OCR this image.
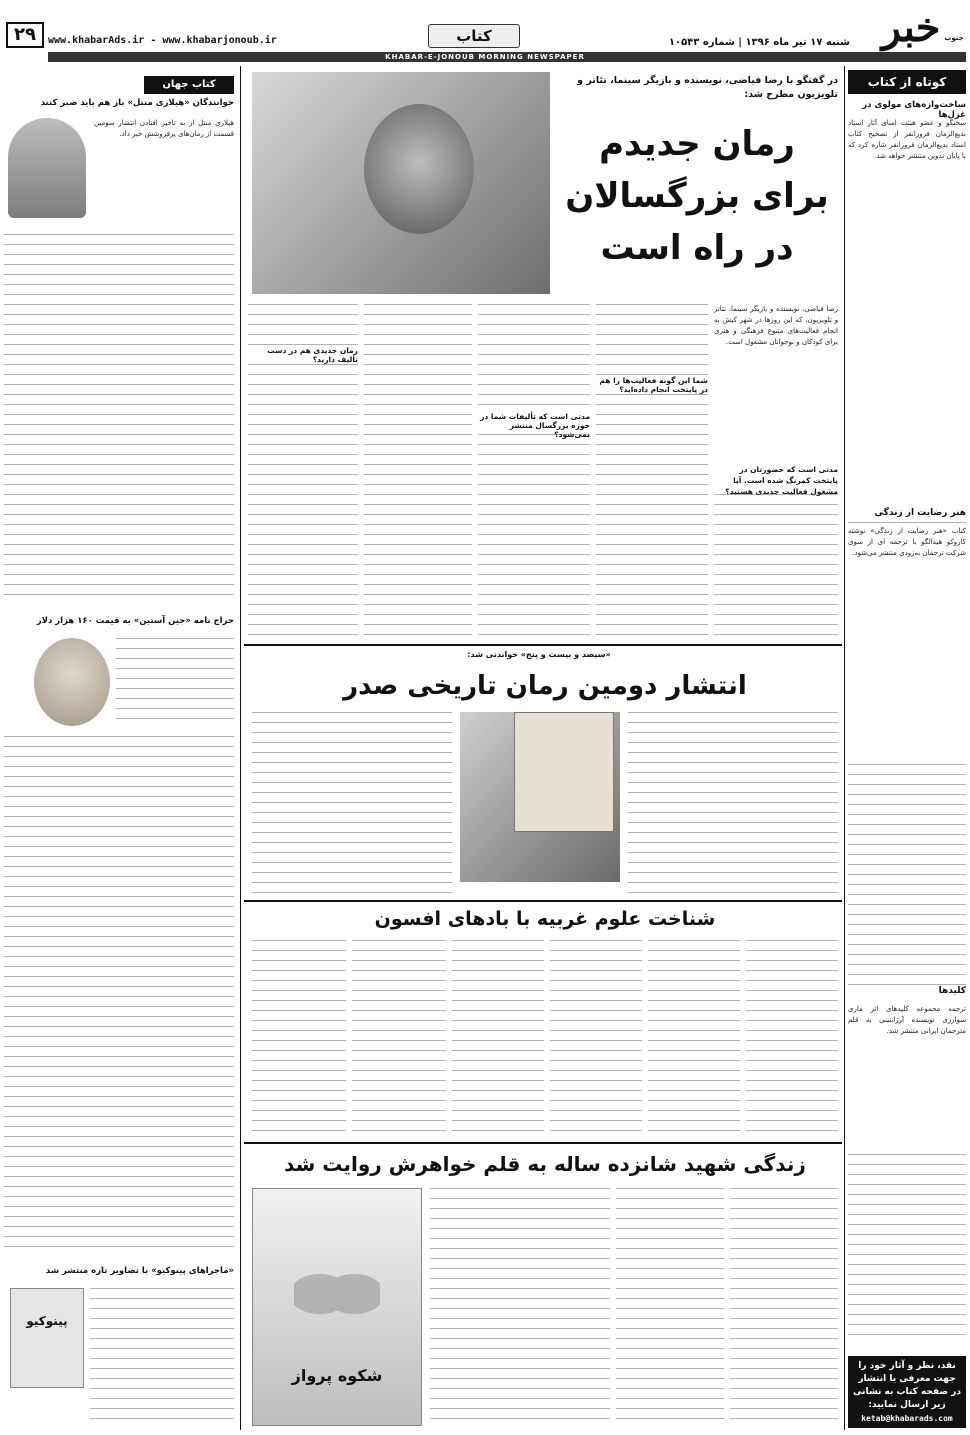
۲۹	www.khabarAds.ir - www.khabarjonoub.ir	کتاب	شنبه ۱۷ تیر ماه ۱۳۹۶ | شماره ۱۰۵۴۳ خبر جنوب
KHABAR-E-JONOUB MORNING NEWSPAPER
کوتاه از کتاب
ساخت‌وازه‌های مولوی در غزل‌ها
سخنگو و عضو هیئت امنای آثار استاد بدیع‌الزمان فروزانفر از تصحیح کتاب استاد بدیع‌الزمان فروزانفر شاره کرد که با پایان تدوین منتشر خواهد شد.
هنر رضایت از زندگی
کتاب «هنر رضایت از زندگی» نوشته کاروکو هیدالگو با ترجمه ای از سوی شرکت ترجمان به‌زودی منتشر می‌شود.
کلیدها
ترجمه مجموعه کلیدهای اثر ماری سوارزی نویسنده آرژانتینی به قلم مترجمان ایرانی منتشر شد.
نقد، نظر و آثار خود را جهت معرفی یا انتشار در صفحه کتاب به نشانی زیر ارسال نمایید:
ketab@khabarads.com
کتاب جهان
خوانندگان «هیلاری منتل» باز هم باید صبر کنند
هیلاری منتل از به تاخیر افتادن انتشار سومین قسمت از رمان‌های پرفروشش خبر داد.
حراج نامه «جین آستین» به قیمت ۱۶۰ هزار دلار
«ماجراهای پینوکیو» با تصاویر تازه منتشر شد
پینوکیو
در گفتگو با رضا فیاضی، نویسنده و بازیگر سینما، تئاتر و تلویزیون مطرح شد:
رمان جدیدم برای بزرگسالان در راه است
رضا فیاضی، نویسنده و بازیگر سینما، تئاتر و تلویزیون، که این روزها در شهر کیش به انجام فعالیت‌های متنوع فرهنگی و هنری برای کودکان و نوجوانان مشغول است.
مدتی است که حضورتان در پایتخت کمرنگ شده است. آیا مشغول فعالیت جدیدی هستید؟
شما این گونه فعالیت‌ها را هم در پایتخت انجام داده‌اید؟
مدتی است که تألیفات شما در حوزه بزرگسال منتشر نمی‌شود؟
رمان جدیدی هم در دست تألیف دارید؟
«سیصد و بیست و پنج» خواندنی شد:
انتشار دومین رمان تاریخی صدر
شناخت علوم غربیه با بادهای افسون
زندگی شهید شانزده ساله به قلم خواهرش روایت شد
شکوه پرواز
